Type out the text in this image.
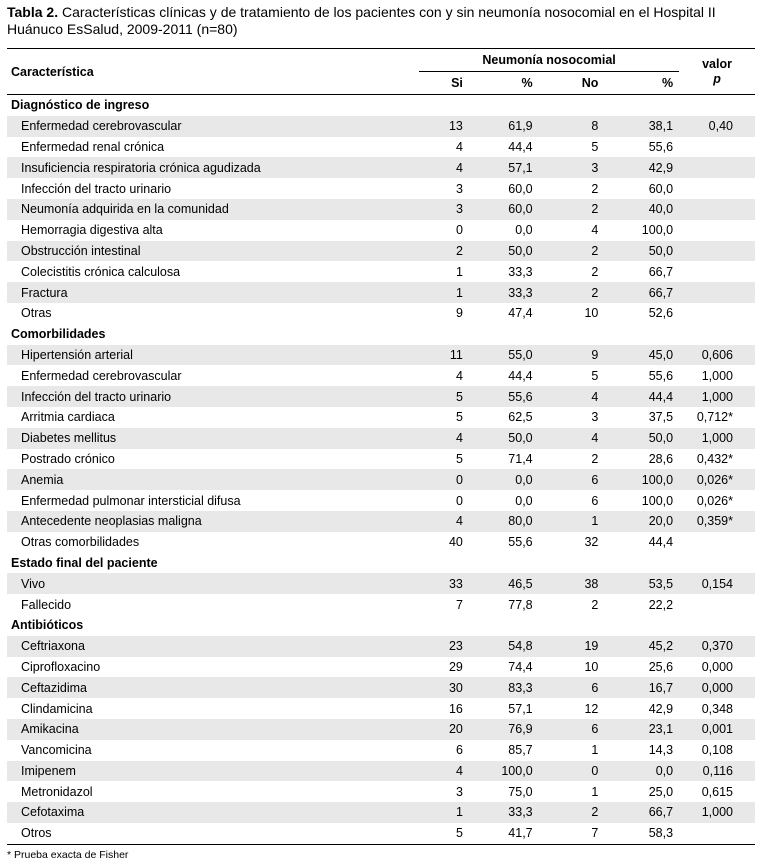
Tabla 2. Características clínicas y de tratamiento de los pacientes con y sin neumonía nosocomial en el Hospital II Huánuco EsSalud, 2009-2011 (n=80)
Característica	Neumonía nosocomial				valor
	Si	%	No	%	p
Diagnóstico de ingreso					
Enfermedad cerebrovascular	13	61,9	8	38,1	0,40
Enfermedad renal crónica	4	44,4	5	55,6	
Insuficiencia respiratoria crónica agudizada	4	57,1	3	42,9	
Infección del tracto urinario	3	60,0	2	60,0	
Neumonía adquirida en la comunidad	3	60,0	2	40,0	
Hemorragia digestiva alta	0	0,0	4	100,0	
Obstrucción intestinal	2	50,0	2	50,0	
Colecistitis crónica calculosa	1	33,3	2	66,7	
Fractura	1	33,3	2	66,7	
Otras	9	47,4	10	52,6	
Comorbilidades					
Hipertensión arterial	11	55,0	9	45,0	0,606
Enfermedad cerebrovascular	4	44,4	5	55,6	1,000
Infección del tracto urinario	5	55,6	4	44,4	1,000
Arritmia cardiaca	5	62,5	3	37,5	0,712*
Diabetes mellitus	4	50,0	4	50,0	1,000
Postrado crónico	5	71,4	2	28,6	0,432*
Anemia	0	0,0	6	100,0	0,026*
Enfermedad pulmonar intersticial difusa	0	0,0	6	100,0	0,026*
Antecedente neoplasias maligna	4	80,0	1	20,0	0,359*
Otras comorbilidades	40	55,6	32	44,4	
Estado final del paciente					
Vivo	33	46,5	38	53,5	0,154
Fallecido	7	77,8	2	22,2	
Antibióticos					
Ceftriaxona	23	54,8	19	45,2	0,370
Ciprofloxacino	29	74,4	10	25,6	0,000
Ceftazidima	30	83,3	6	16,7	0,000
Clindamicina	16	57,1	12	42,9	0,348
Amikacina	20	76,9	6	23,1	0,001
Vancomicina	6	85,7	1	14,3	0,108
Imipenem	4	100,0	0	0,0	0,116
Metronidazol	3	75,0	1	25,0	0,615
Cefotaxima	1	33,3	2	66,7	1,000
Otros	5	41,7	7	58,3	
* Prueba exacta de Fisher
